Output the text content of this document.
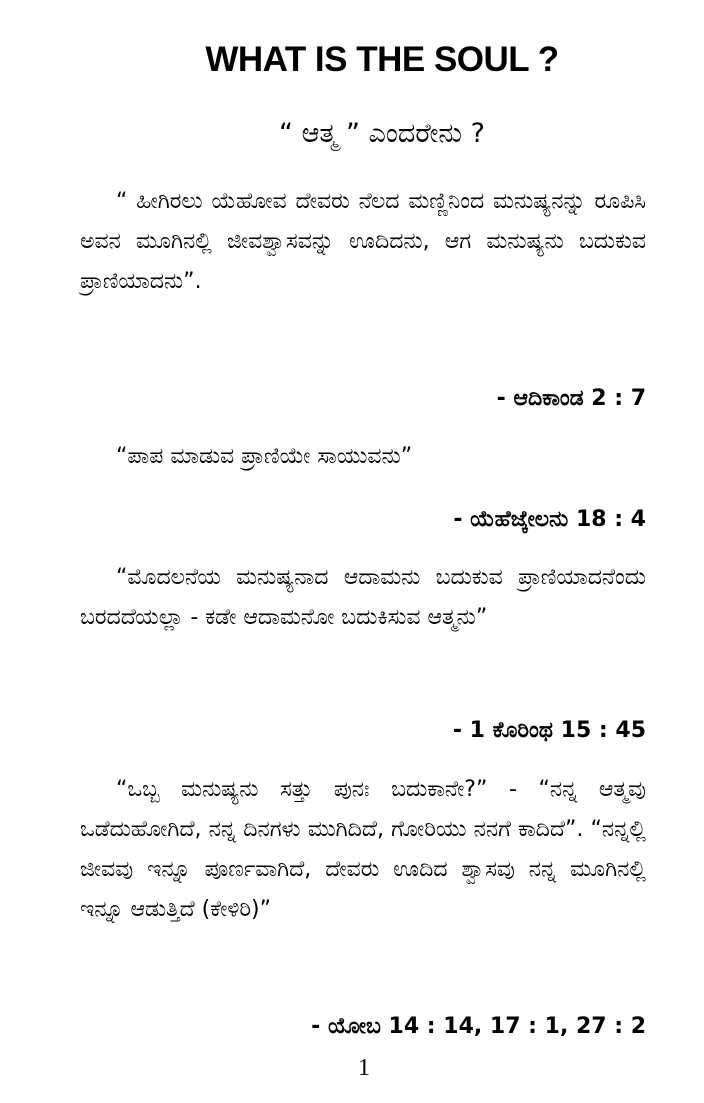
WHAT IS THE SOUL ?
“ ಆತ್ಮ ” ಎಂದರೇನು ?

“ ಹೀಗಿರಲು ಯೆಹೋವ ದೇವರು ನೆಲದ ಮಣ್ಣಿನಿಂದ ಮನುಷ್ಯನನ್ನು ರೂಪಿಸಿ ಅವನ ಮೂಗಿನಲ್ಲಿ ಜೀವಶ್ವಾಸವನ್ನು ಊದಿದನು, ಆಗ ಮನುಷ್ಯನು ಬದುಕುವ ಪ್ರಾಣಿಯಾದನು”.

- ಆದಿಕಾಂಡ 2 : 7

“ಪಾಪ ಮಾಡುವ ಪ್ರಾಣಿಯೇ ಸಾಯುವನು”

- ಯೆಹೆಜ್ಕೇಲನು 18 : 4

“ಮೊದಲನೆಯ ಮನುಷ್ಯನಾದ ಆದಾಮನು ಬದುಕುವ ಪ್ರಾಣಿಯಾದನೆಂದು ಬರದದೆಯಲ್ಲಾ - ಕಡೇ ಆದಾಮನೋ ಬದುಕಿಸುವ ಆತ್ಮನು”

- 1 ಕೊರಿಂಥ 15 : 45

“ಒಬ್ಬ ಮನುಷ್ಯನು ಸತ್ತು ಪುನಃ ಬದುಕಾನೇ?” - “ನನ್ನ ಆತ್ಮವು ಒಡೆದುಹೋಗಿದೆ, ನನ್ನ ದಿನಗಳು ಮುಗಿದಿದೆ, ಗೋರಿಯು ನನಗೆ ಕಾದಿದೆ”. “ನನ್ನಲ್ಲಿ ಜೀವವು ಇನ್ನೂ ಪೂರ್ಣವಾಗಿದೆ, ದೇವರು ಊದಿದ ಶ್ವಾಸವು ನನ್ನ ಮೂಗಿನಲ್ಲಿ ಇನ್ನೂ ಆಡುತ್ತಿದೆ (ಕೇಳಿರಿ)”

- ಯೋಬ 14 : 14, 17 : 1, 27 : 2
1
